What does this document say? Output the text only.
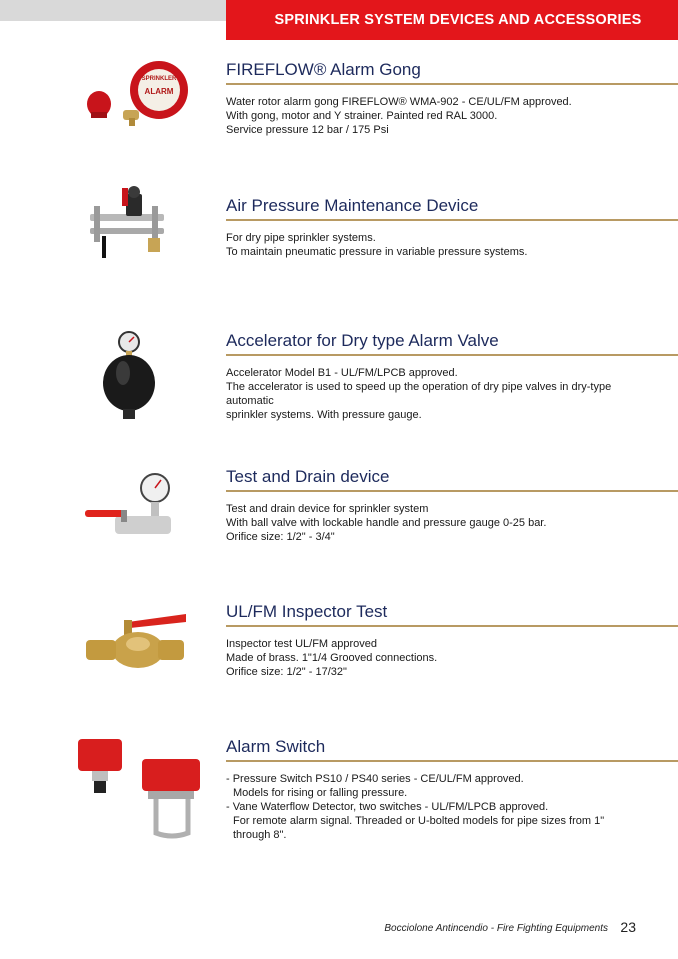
SPRINKLER SYSTEM DEVICES AND ACCESSORIES
SPRINKLER
ALARM
FIREFLOW® Alarm Gong
Water rotor alarm gong FIREFLOW® WMA-902 - CE/UL/FM approved.
With gong, motor and Y strainer. Painted red RAL 3000.
Service pressure 12 bar / 175 Psi
Air Pressure Maintenance Device
For dry pipe sprinkler systems.
To maintain pneumatic pressure in variable pressure systems.
Accelerator for Dry type Alarm Valve
Accelerator Model B1 - UL/FM/LPCB approved.
The accelerator is used to speed up the operation of dry pipe valves in dry-type
automatic
sprinkler systems. With pressure gauge.
Test and Drain device
Test and drain device for sprinkler system
With ball valve with lockable handle and pressure gauge 0-25 bar.
Orifice size: 1/2" - 3/4"
UL/FM Inspector Test
Inspector test UL/FM approved
Made of brass. 1"1/4 Grooved connections.
Orifice size: 1/2" - 17/32"
Alarm Switch
- Pressure Switch PS10 / PS40 series - CE/UL/FM approved.
Models for rising or falling pressure.
- Vane Waterflow Detector, two switches - UL/FM/LPCB approved.
For remote alarm signal. Threaded or U-bolted models for pipe sizes from 1"
through 8".
Bocciolone Antincendio - Fire Fighting Equipments 23
